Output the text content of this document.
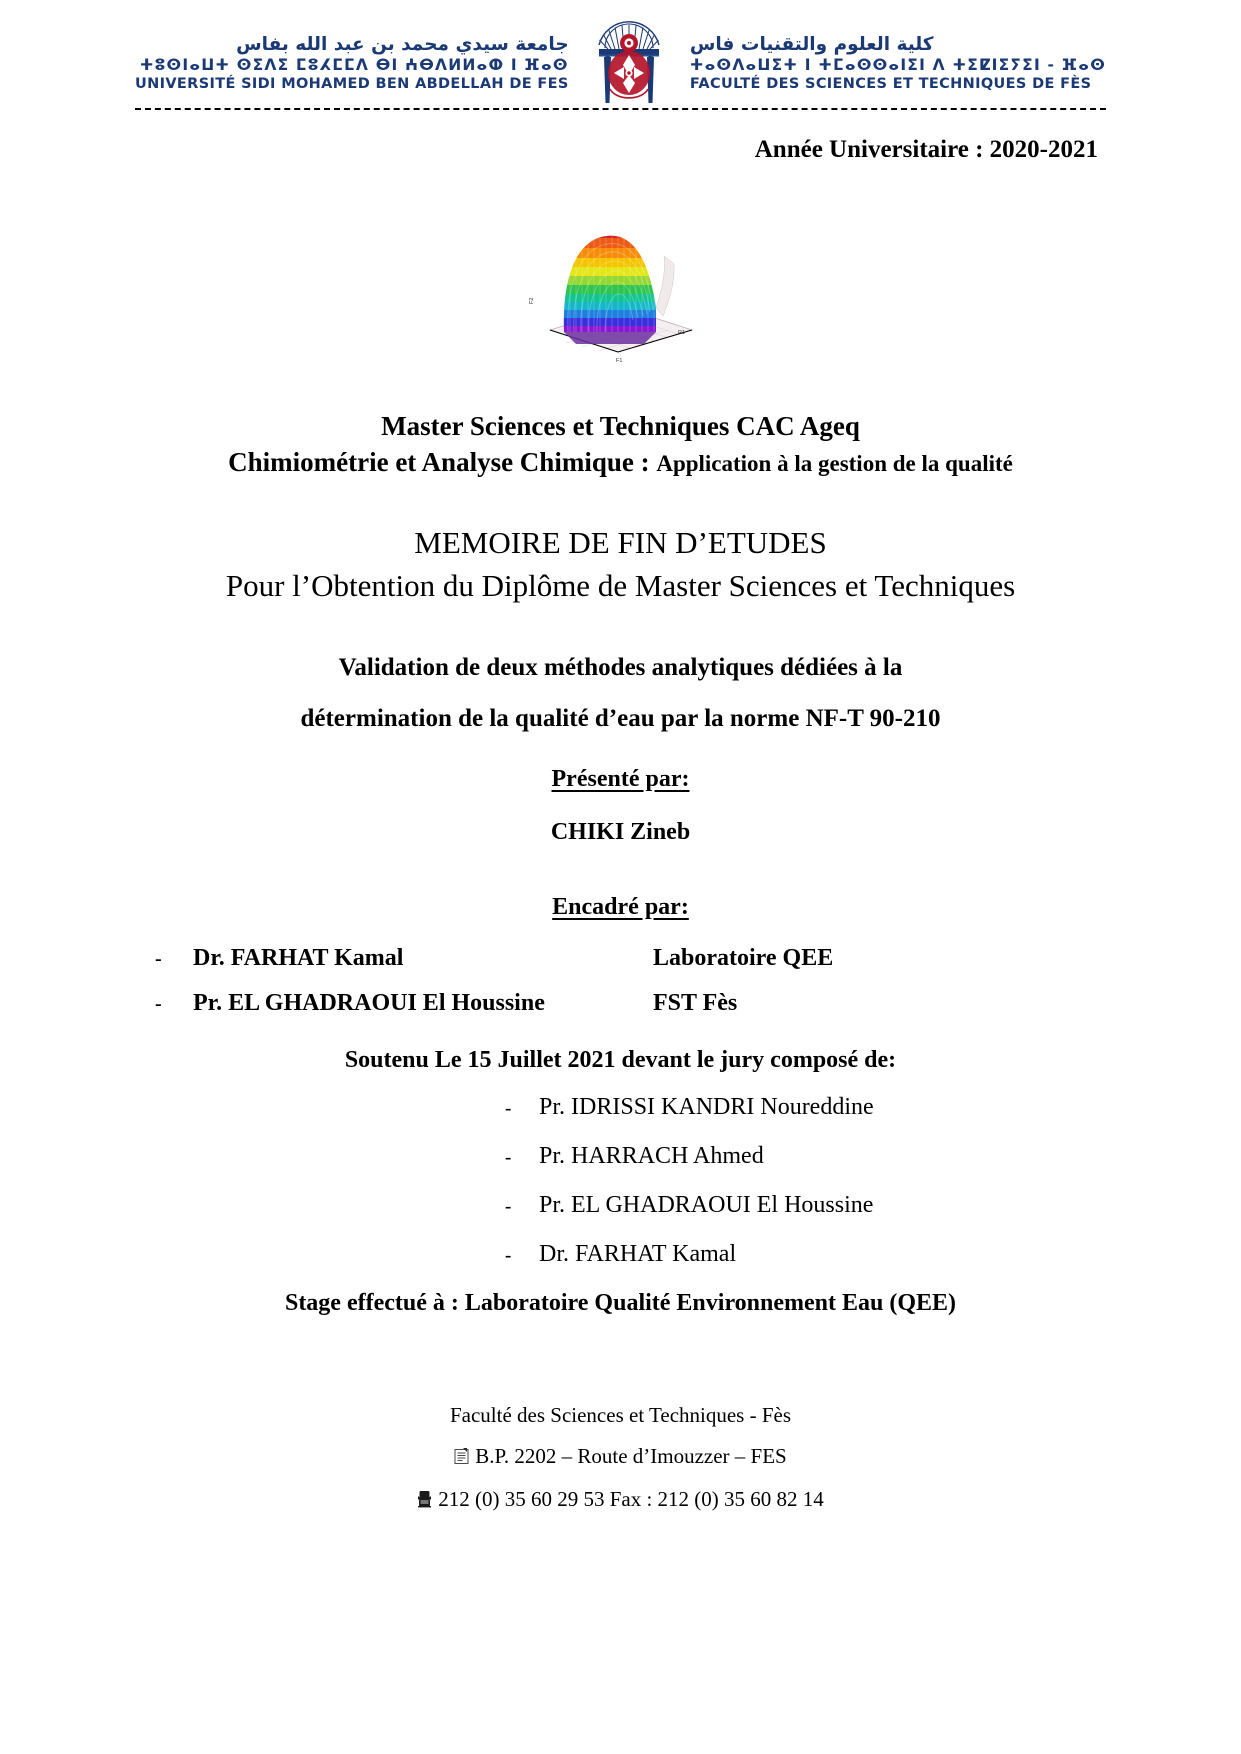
جامعة سيدي محمد بن عبد الله بفاس
ⵜⵓⵙⵏⴰⵡⵜ ⵙⵉⴷⵉ ⵎⵓⵃⵎⵎⴷ ⴱⵏ ⵄⴱⴷⵍⵍⴰⵀ ⵏ ⴼⴰⵙ
UNIVERSITÉ SIDI MOHAMED BEN ABDELLAH DE FES
كلية العلوم والتقنيات فاس
ⵜⴰⵙⴷⴰⵡⵉⵜ ⵏ ⵜⵎⴰⵙⵙⴰⵏⵉⵏ ⴷ ⵜⵉⵇⵏⵉⵢⵉⵏ - ⴼⴰⵙ
FACULTÉ DES SCIENCES ET TECHNIQUES DE FÈS
Année Universitaire : 2020-2021
F2
R1
F1
Master Sciences et Techniques CAC Ageq
Chimiométrie et Analyse Chimique : Application à la gestion de la qualité
MEMOIRE DE FIN D’ETUDES
Pour l’Obtention du Diplôme de Master Sciences et Techniques
Validation de deux méthodes analytiques dédiées à la
détermination de la qualité d’eau par la norme NF-T 90-210
Présenté par:
CHIKI Zineb
Encadré par:
-	Dr. FARHAT Kamal	Laboratoire QEE
-	Pr. EL GHADRAOUI El Houssine	FST Fès
Soutenu Le 15 Juillet 2021 devant le jury composé de:
-	Pr. IDRISSI KANDRI Noureddine
-	Pr. HARRACH Ahmed
-	Pr. EL GHADRAOUI El Houssine
-	Dr. FARHAT Kamal
Stage effectué à : Laboratoire Qualité Environnement Eau (QEE)
Faculté des Sciences et Techniques - Fès
B.P. 2202 – Route d’Imouzzer – FES
212 (0) 35 60 29 53 Fax : 212 (0) 35 60 82 14
